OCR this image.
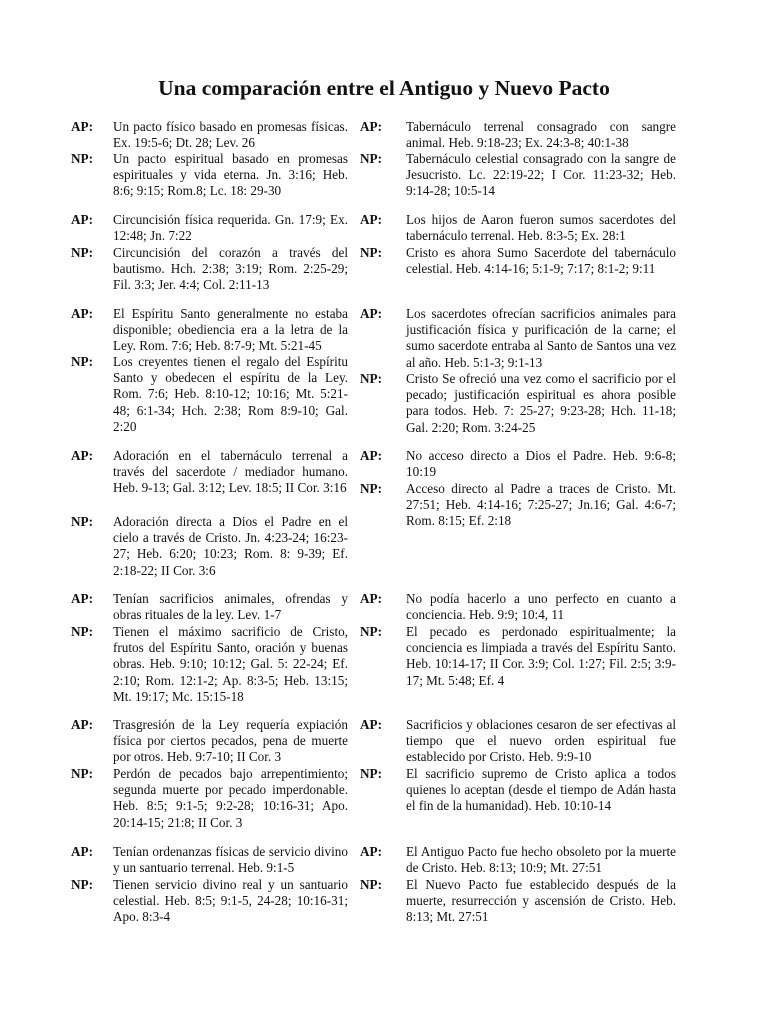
Una comparación entre el Antiguo y Nuevo Pacto
AP:	Un pacto físico basado en promesas físicas. Ex. 19:5-6; Dt. 28; Lev. 26

NP:	Un pacto espiritual basado en promesas espirituales y vida eterna. Jn. 3:16; Heb. 8:6; 9:15; Rom.8; Lc. 18: 29-30

AP:	Circuncisión física requerida. Gn. 17:9; Ex. 12:48; Jn. 7:22

NP:	Circuncisión del corazón a través del bautismo. Hch. 2:38; 3:19; Rom. 2:25-29; Fil. 3:3; Jer. 4:4; Col. 2:11-13

AP:	El Espíritu Santo generalmente no estaba disponible; obediencia era a la letra de la Ley. Rom. 7:6; Heb. 8:7-9; Mt. 5:21-45

NP:	Los creyentes tienen el regalo del Espíritu Santo y obedecen el espíritu de la Ley. Rom. 7:6; Heb. 8:10-12; 10:16; Mt. 5:21-48; 6:1-34; Hch. 2:38; Rom 8:9-10; Gal. 2:20

AP:	Adoración en el tabernáculo terrenal a través del sacerdote / mediador humano. Heb. 9-13; Gal. 3:12; Lev. 18:5; II Cor. 3:16

NP:	Adoración directa a Dios el Padre en el cielo a través de Cristo. Jn. 4:23-24; 16:23-27; Heb. 6:20; 10:23; Rom. 8: 9-39; Ef. 2:18-22; II Cor. 3:6

AP:	Tenían sacrificios animales, ofrendas y obras rituales de la ley. Lev. 1-7

NP:	Tienen el máximo sacrificio de Cristo, frutos del Espíritu Santo, oración y buenas obras. Heb. 9:10; 10:12; Gal. 5: 22-24; Ef. 2:10; Rom. 12:1-2; Ap. 8:3-5; Heb. 13:15; Mt. 19:17; Mc. 15:15-18

AP:	Trasgresión de la Ley requería expiación física por ciertos pecados, pena de muerte por otros. Heb. 9:7-10; II Cor. 3

NP:	Perdón de pecados bajo arrepentimiento; segunda muerte por pecado imperdonable. Heb. 8:5; 9:1-5; 9:2-28; 10:16-31; Apo. 20:14-15; 21:8; II Cor. 3

AP:	Tenían ordenanzas físicas de servicio divino y un santuario terrenal. Heb. 9:1-5

NP:	Tienen servicio divino real y un santuario celestial. Heb. 8:5; 9:1-5, 24-28; 10:16-31; Apo. 8:3-4

AP:	Tabernáculo terrenal consagrado con sangre animal. Heb. 9:18-23; Ex. 24:3-8; 40:1-38

NP:	Tabernáculo celestial consagrado con la sangre de Jesucristo. Lc. 22:19-22; I Cor. 11:23-32; Heb. 9:14-28; 10:5-14

AP:	Los hijos de Aaron fueron sumos sacerdotes del tabernáculo terrenal. Heb. 8:3-5; Ex. 28:1

NP:	Cristo es ahora Sumo Sacerdote del tabernáculo celestial. Heb. 4:14-16; 5:1-9; 7:17; 8:1-2; 9:11

AP:	Los sacerdotes ofrecían sacrificios animales para justificación física y purificación de la carne; el sumo sacerdote entraba al Santo de Santos una vez al año. Heb. 5:1-3; 9:1-13

NP:	Cristo Se ofreció una vez como el sacrificio por el pecado; justificación espiritual es ahora posible para todos. Heb. 7: 25-27; 9:23-28; Hch. 11-18; Gal. 2:20; Rom. 3:24-25

AP:	No acceso directo a Dios el Padre. Heb. 9:6-8; 10:19

NP:	Acceso directo al Padre a traces de Cristo. Mt. 27:51; Heb. 4:14-16; 7:25-27; Jn.16; Gal. 4:6-7; Rom. 8:15; Ef. 2:18

AP:	No podía hacerlo a uno perfecto en cuanto a conciencia. Heb. 9:9; 10:4, 11

NP:	El pecado es perdonado espiritualmente; la conciencia es limpiada a través del Espíritu Santo. Heb. 10:14-17; II Cor. 3:9; Col. 1:27; Fil. 2:5; 3:9-17; Mt. 5:48; Ef. 4

AP:	Sacrificios y oblaciones cesaron de ser efectivas al tiempo que el nuevo orden espiritual fue establecido por Cristo. Heb. 9:9-10

NP:	El sacrificio supremo de Cristo aplica a todos quienes lo aceptan (desde el tiempo de Adán hasta el fin de la humanidad). Heb. 10:10-14

AP:	El Antiguo Pacto fue hecho obsoleto por la muerte de Cristo. Heb. 8:13; 10:9; Mt. 27:51

NP:	El Nuevo Pacto fue establecido después de la muerte, resurrección y ascensión de Cristo. Heb. 8:13; Mt. 27:51
